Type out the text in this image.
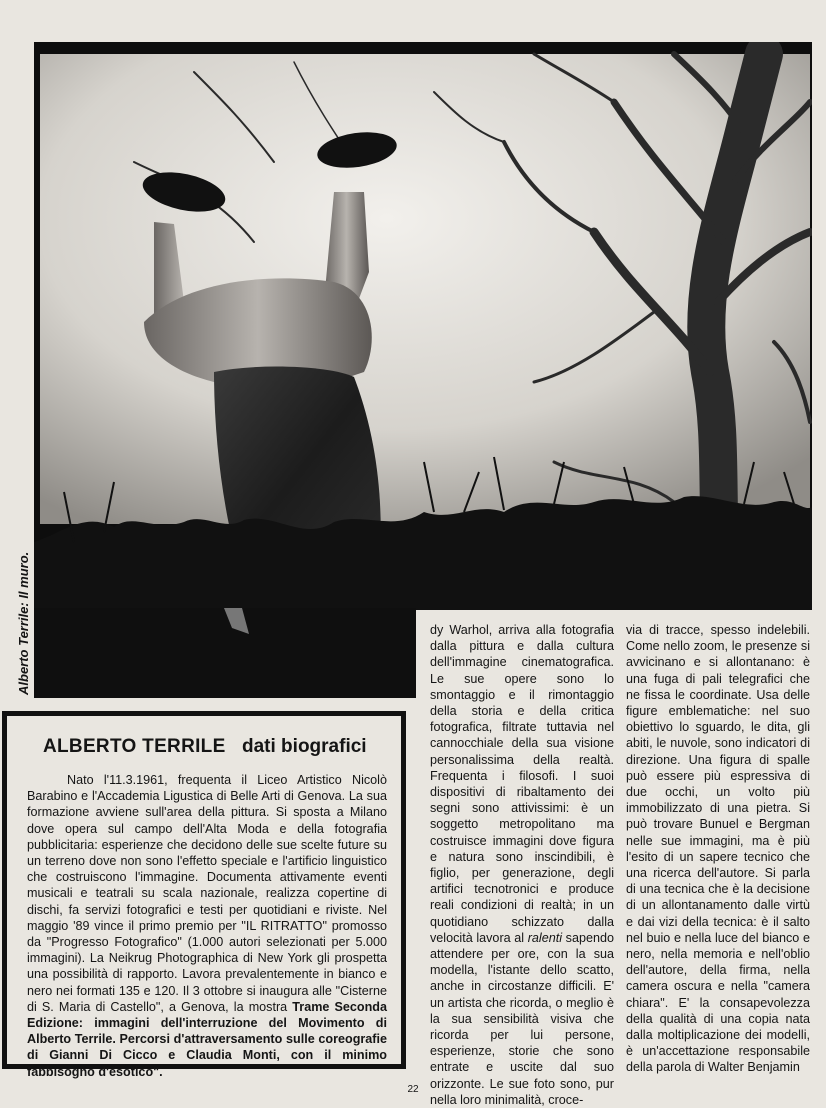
Alberto Terrile: Il muro.
ALBERTO TERRILE dati biografici
Nato l'11.3.1961, frequenta il Liceo Artistico Nicolò Barabino e l'Accademia Ligustica di Belle Arti di Genova. La sua formazione avviene sull'area della pittura. Si sposta a Milano dove opera sul campo dell'Alta Moda e della fotografia pubblicitaria: esperienze che decidono delle sue scelte future su un terreno dove non sono l'effetto speciale e l'artificio linguistico che costruiscono l'immagine. Documenta attivamente eventi musicali e teatrali su scala nazionale, realizza copertine di dischi, fa servizi fotografici e testi per quotidiani e riviste. Nel maggio '89 vince il primo premio per "IL RITRATTO" promosso da "Progresso Fotografico" (1.000 autori selezionati per 5.000 immagini). La Neikrug Photographica di New York gli prospetta una possibilità di rapporto. Lavora prevalentemente in bianco e nero nei formati 135 e 120. Il 3 ottobre si inaugura alle "Cisterne di S. Maria di Castello", a Genova, la mostra Trame Seconda Edizione: immagini dell'interruzione del Movimento di Alberto Terrile. Percorsi d'attraversamento sulle coreografie di Gianni Di Cicco e Claudia Monti, con il minimo fabbisogno d'esotico".
dy Warhol, arriva alla fotografia dalla pittura e dalla cultura dell'immagine cinematografica. Le sue opere sono lo smontaggio e il rimontaggio della storia e della critica fotografica, filtrate tuttavia nel cannocchiale della sua visione personalissima della realtà. Frequenta i filosofi. I suoi dispositivi di ribaltamento dei segni sono attivissimi: è un soggetto metropolitano ma costruisce immagini dove figura e natura sono inscindibili, è figlio, per generazione, degli artifici tecnotronici e produce reali condizioni di realtà; in un quotidiano schizzato dalla velocità lavora al ralenti sapendo attendere per ore, con la sua modella, l'istante dello scatto, anche in circostanze difficili. E' un artista che ricorda, o meglio è la sua sensibilità visiva che ricorda per lui persone, esperienze, storie che sono entrate e uscite dal suo orizzonte. Le sue foto sono, pur nella loro minimalità, croce-
via di tracce, spesso indelebili. Come nello zoom, le presenze si avvicinano e si allontanano: è una fuga di pali telegrafici che ne fissa le coordinate. Usa delle figure emblematiche: nel suo obiettivo lo sguardo, le dita, gli abiti, le nuvole, sono indicatori di direzione. Una figura di spalle può essere più espressiva di due occhi, un volto più immobilizzato di una pietra. Si può trovare Bunuel e Bergman nelle sue immagini, ma è più l'esito di un sapere tecnico che una ricerca dell'autore. Si parla di una tecnica che è la decisione di un allontanamento dalle virtù e dai vizi della tecnica: è il salto nel buio e nella luce del bianco e nero, nella memoria e nell'oblio dell'autore, della firma, nella camera oscura e nella "camera chiara". E' la consapevolezza della qualità di una copia nata dalla moltiplicazione dei modelli, è un'accettazione responsabile della parola di Walter Benjamin
22
